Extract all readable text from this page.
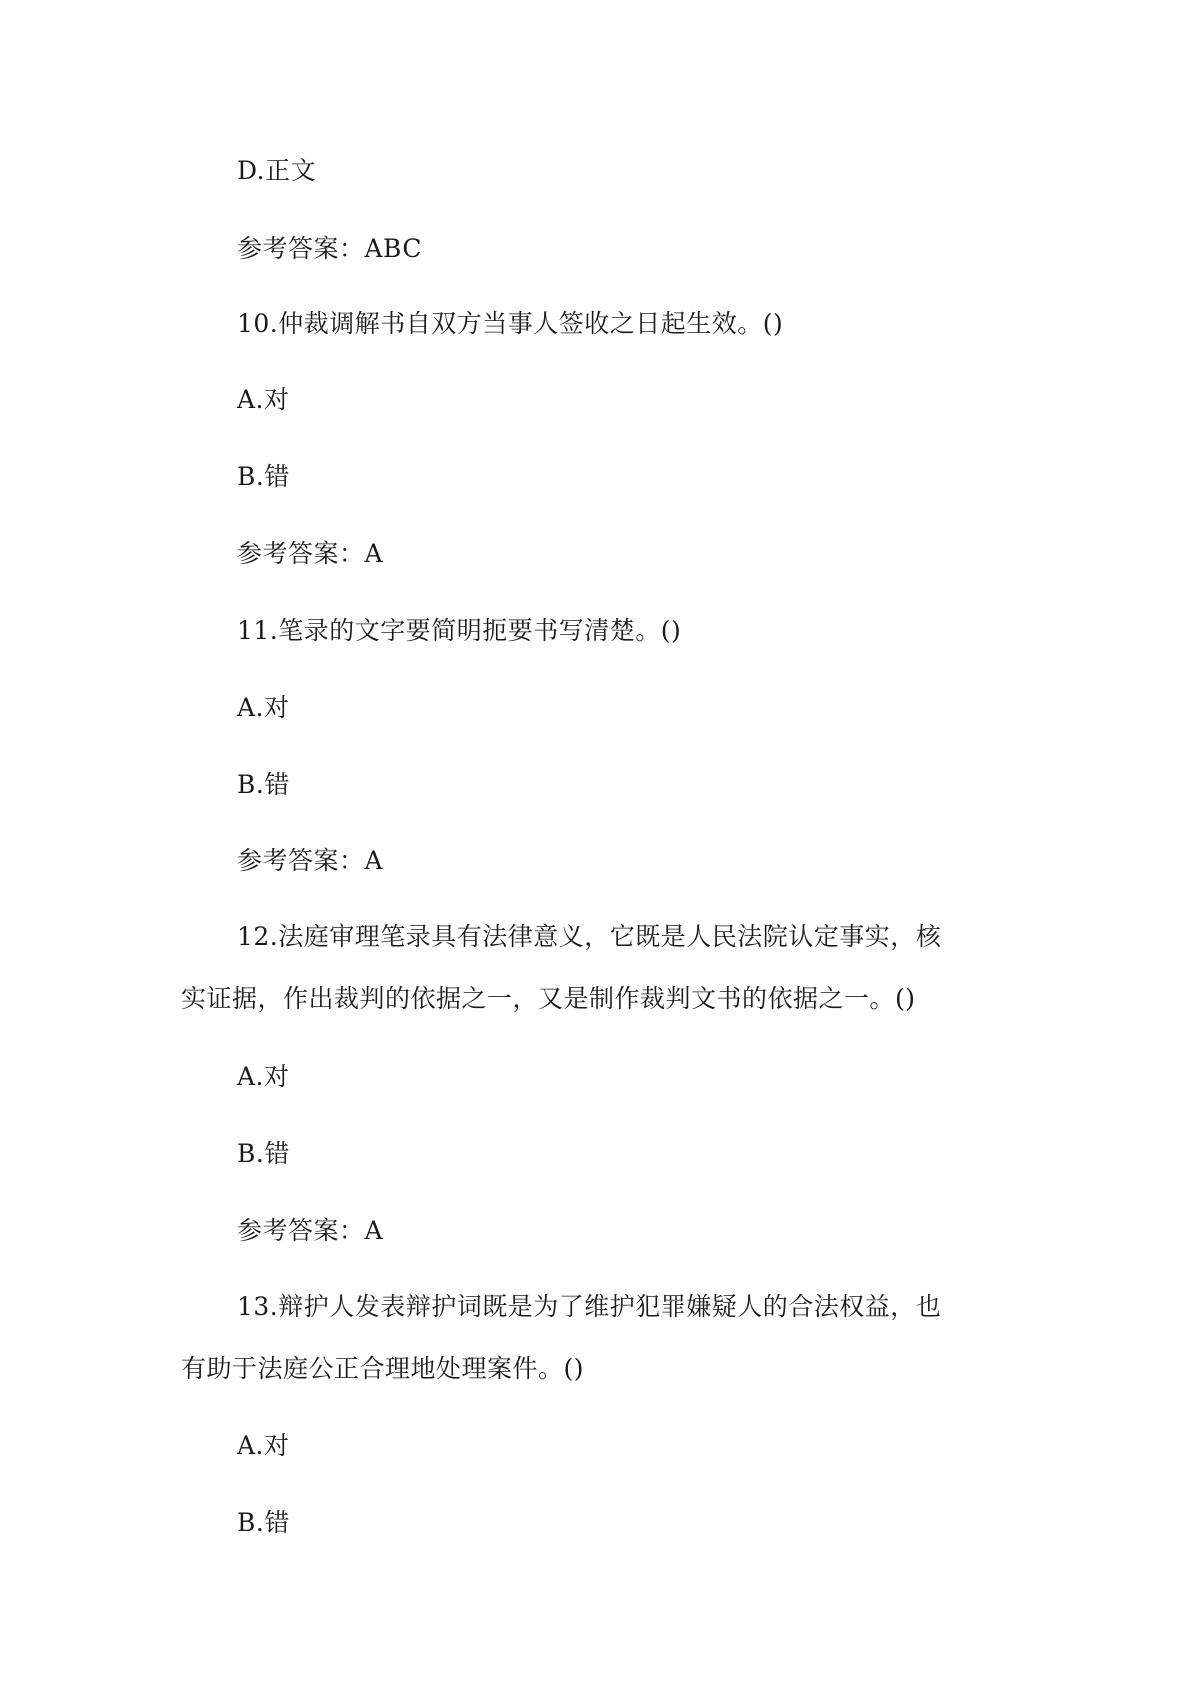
D.正文
参考答案：ABC
10.仲裁调解书自双方当事人签收之日起生效。()
A.对
B.错
参考答案：A
11.笔录的文字要简明扼要书写清楚。()
A.对
B.错
参考答案：A
12.法庭审理笔录具有法律意义，它既是人民法院认定事实，核
实证据，作出裁判的依据之一，又是制作裁判文书的依据之一。()
A.对
B.错
参考答案：A
13.辩护人发表辩护词既是为了维护犯罪嫌疑人的合法权益，也
有助于法庭公正合理地处理案件。()
A.对
B.错
